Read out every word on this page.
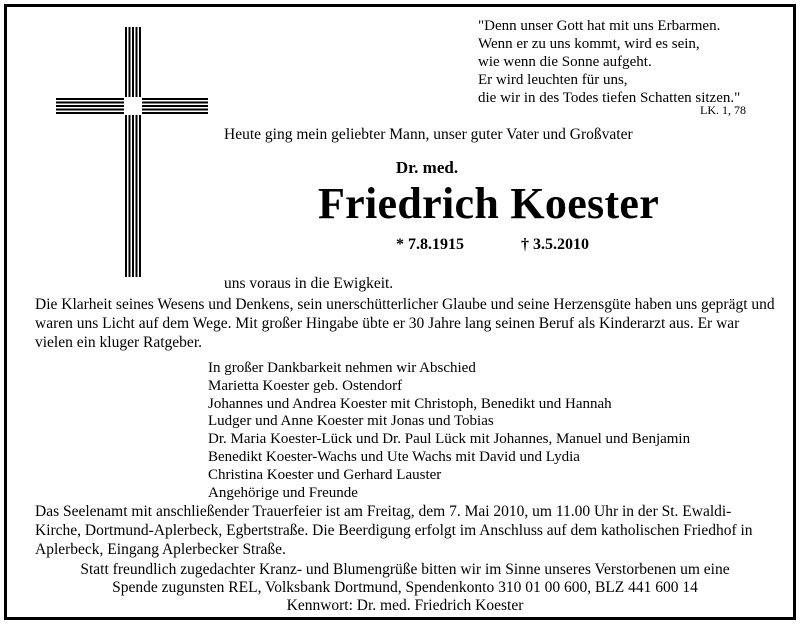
"Denn unser Gott hat mit uns Erbarmen.
Wenn er zu uns kommt, wird es sein,
wie wenn die Sonne aufgeht.
Er wird leuchten für uns,
die wir in des Todes tiefen Schatten sitzen."
LK. 1, 78
Heute ging mein geliebter Mann, unser guter Vater und Großvater
Dr. med.
Friedrich Koester
* 7.8.1915	† 3.5.2010
uns voraus in die Ewigkeit.
Die Klarheit seines Wesens und Denkens, sein unerschütterlicher Glaube und seine Herzensgüte haben uns geprägt und waren uns Licht auf dem Wege. Mit großer Hingabe übte er 30 Jahre lang seinen Beruf als Kinderarzt aus. Er war vielen ein kluger Ratgeber.
In großer Dankbarkeit nehmen wir Abschied
Marietta Koester geb. Ostendorf
Johannes und Andrea Koester mit Christoph, Benedikt und Hannah
Ludger und Anne Koester mit Jonas und Tobias
Dr. Maria Koester-Lück und Dr. Paul Lück mit Johannes, Manuel und Benjamin
Benedikt Koester-Wachs und Ute Wachs mit David und Lydia
Christina Koester und Gerhard Lauster
Angehörige und Freunde
Das Seelenamt mit anschließender Trauerfeier ist am Freitag, dem 7. Mai 2010, um 11.00 Uhr in der St. Ewaldi-Kirche, Dortmund-Aplerbeck, Egbertstraße. Die Beerdigung erfolgt im Anschluss auf dem katholischen Friedhof in Aplerbeck, Eingang Aplerbecker Straße.
Statt freundlich zugedachter Kranz- und Blumengrüße bitten wir im Sinne unseres Verstorbenen um eine
Spende zugunsten REL, Volksbank Dortmund, Spendenkonto 310 01 00 600, BLZ 441 600 14
Kennwort: Dr. med. Friedrich Koester
